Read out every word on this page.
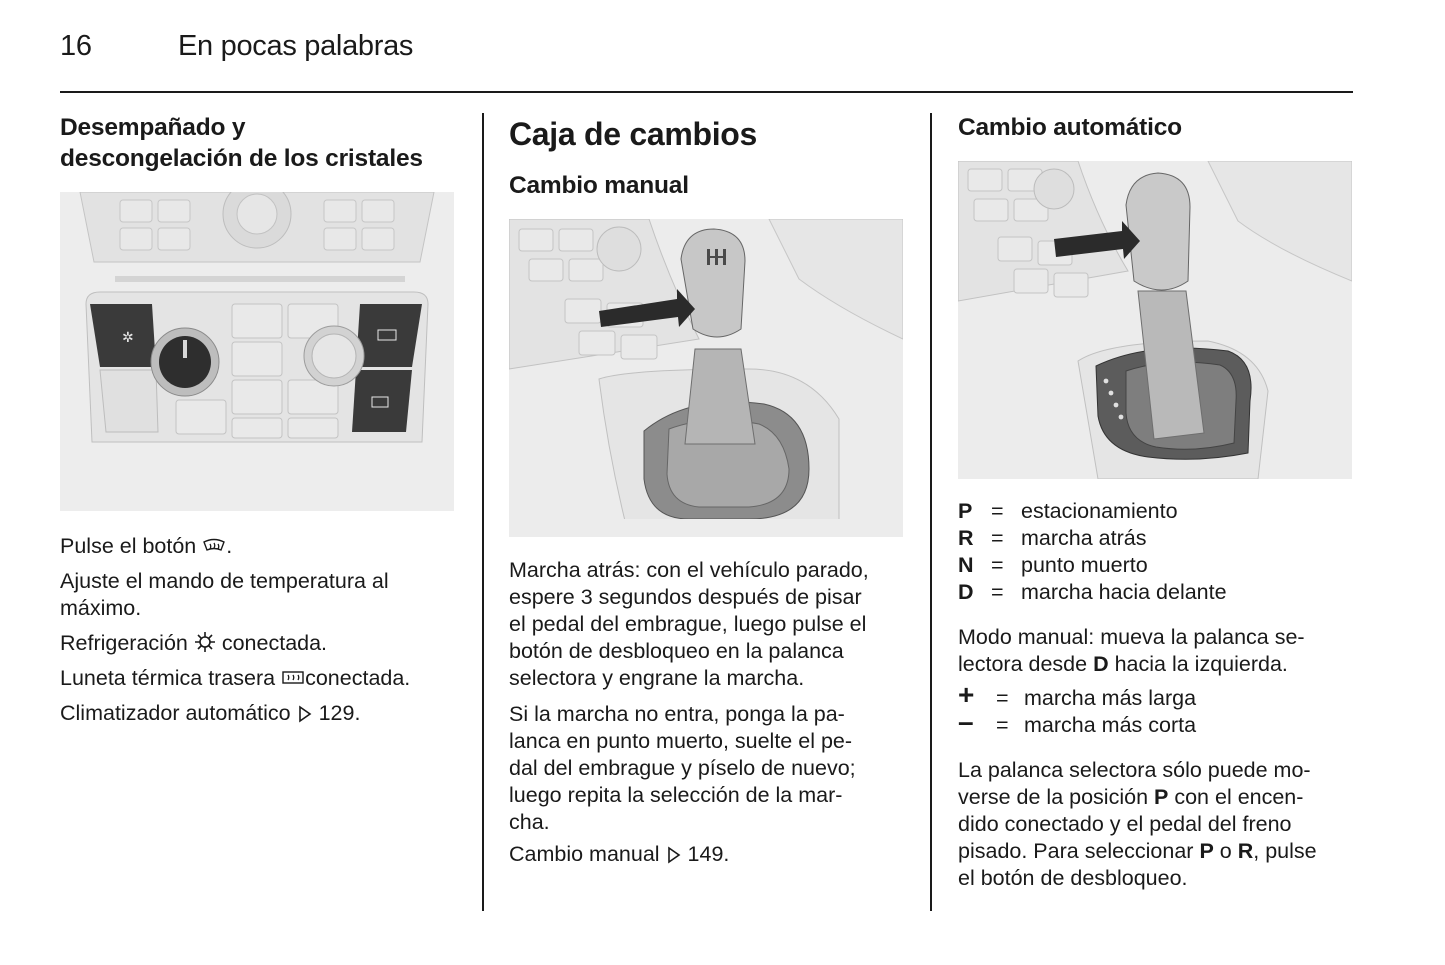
16	En pocas palabras
Desempañado y
descongelación de los cristales
✲
Pulse el botón .
Ajuste el mando de temperatura al
máximo.
Refrigeración conectada.
Luneta térmica trasera conectada.
Climatizador automático 129.
Caja de cambios
Cambio manual
Marcha atrás: con el vehículo parado,
espere 3 segundos después de pisar
el pedal del embrague, luego pulse el
botón de desbloqueo en la palanca
selectora y engrane la marcha.
Si la marcha no entra, ponga la pa-
lanca en punto muerto, suelte el pe-
dal del embrague y píselo de nuevo;
luego repita la selección de la mar-
cha.
Cambio manual 149.
Cambio automático
P = estacionamiento
R = marcha atrás
N = punto muerto
D = marcha hacia delante
Modo manual: mueva la palanca se-
lectora desde D hacia la izquierda.
+ = marcha más larga
– = marcha más corta
La palanca selectora sólo puede mo-
verse de la posición P con el encen-
dido conectado y el pedal del freno
pisado. Para seleccionar P o R, pulse
el botón de desbloqueo.
